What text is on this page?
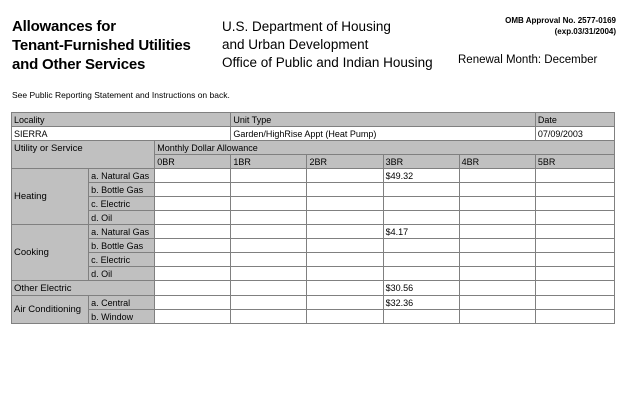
Allowances for
Tenant-Furnished Utilities
and Other Services
U.S. Department of Housing
and Urban Development
Office of Public and Indian Housing
OMB Approval No. 2577-0169
(exp.03/31/2004)
Renewal Month: December
See Public Reporting Statement and Instructions on back.
Locality			Unit Type				Date
SIERRA			Garden/HighRise Appt (Heat Pump)				07/09/2003
Utility or Service		Monthly Dollar Allowance					
		0BR	1BR	2BR	3BR	4BR	5BR
Heating	a. Natural Gas				$49.32		
	b. Bottle Gas						
	c. Electric						
	d. Oil						
Cooking	a. Natural Gas				$4.17		
	b. Bottle Gas						
	c. Electric						
	d. Oil						
Other Electric					$30.56		
Air Conditioning	a. Central				$32.36		
	b. Window						
